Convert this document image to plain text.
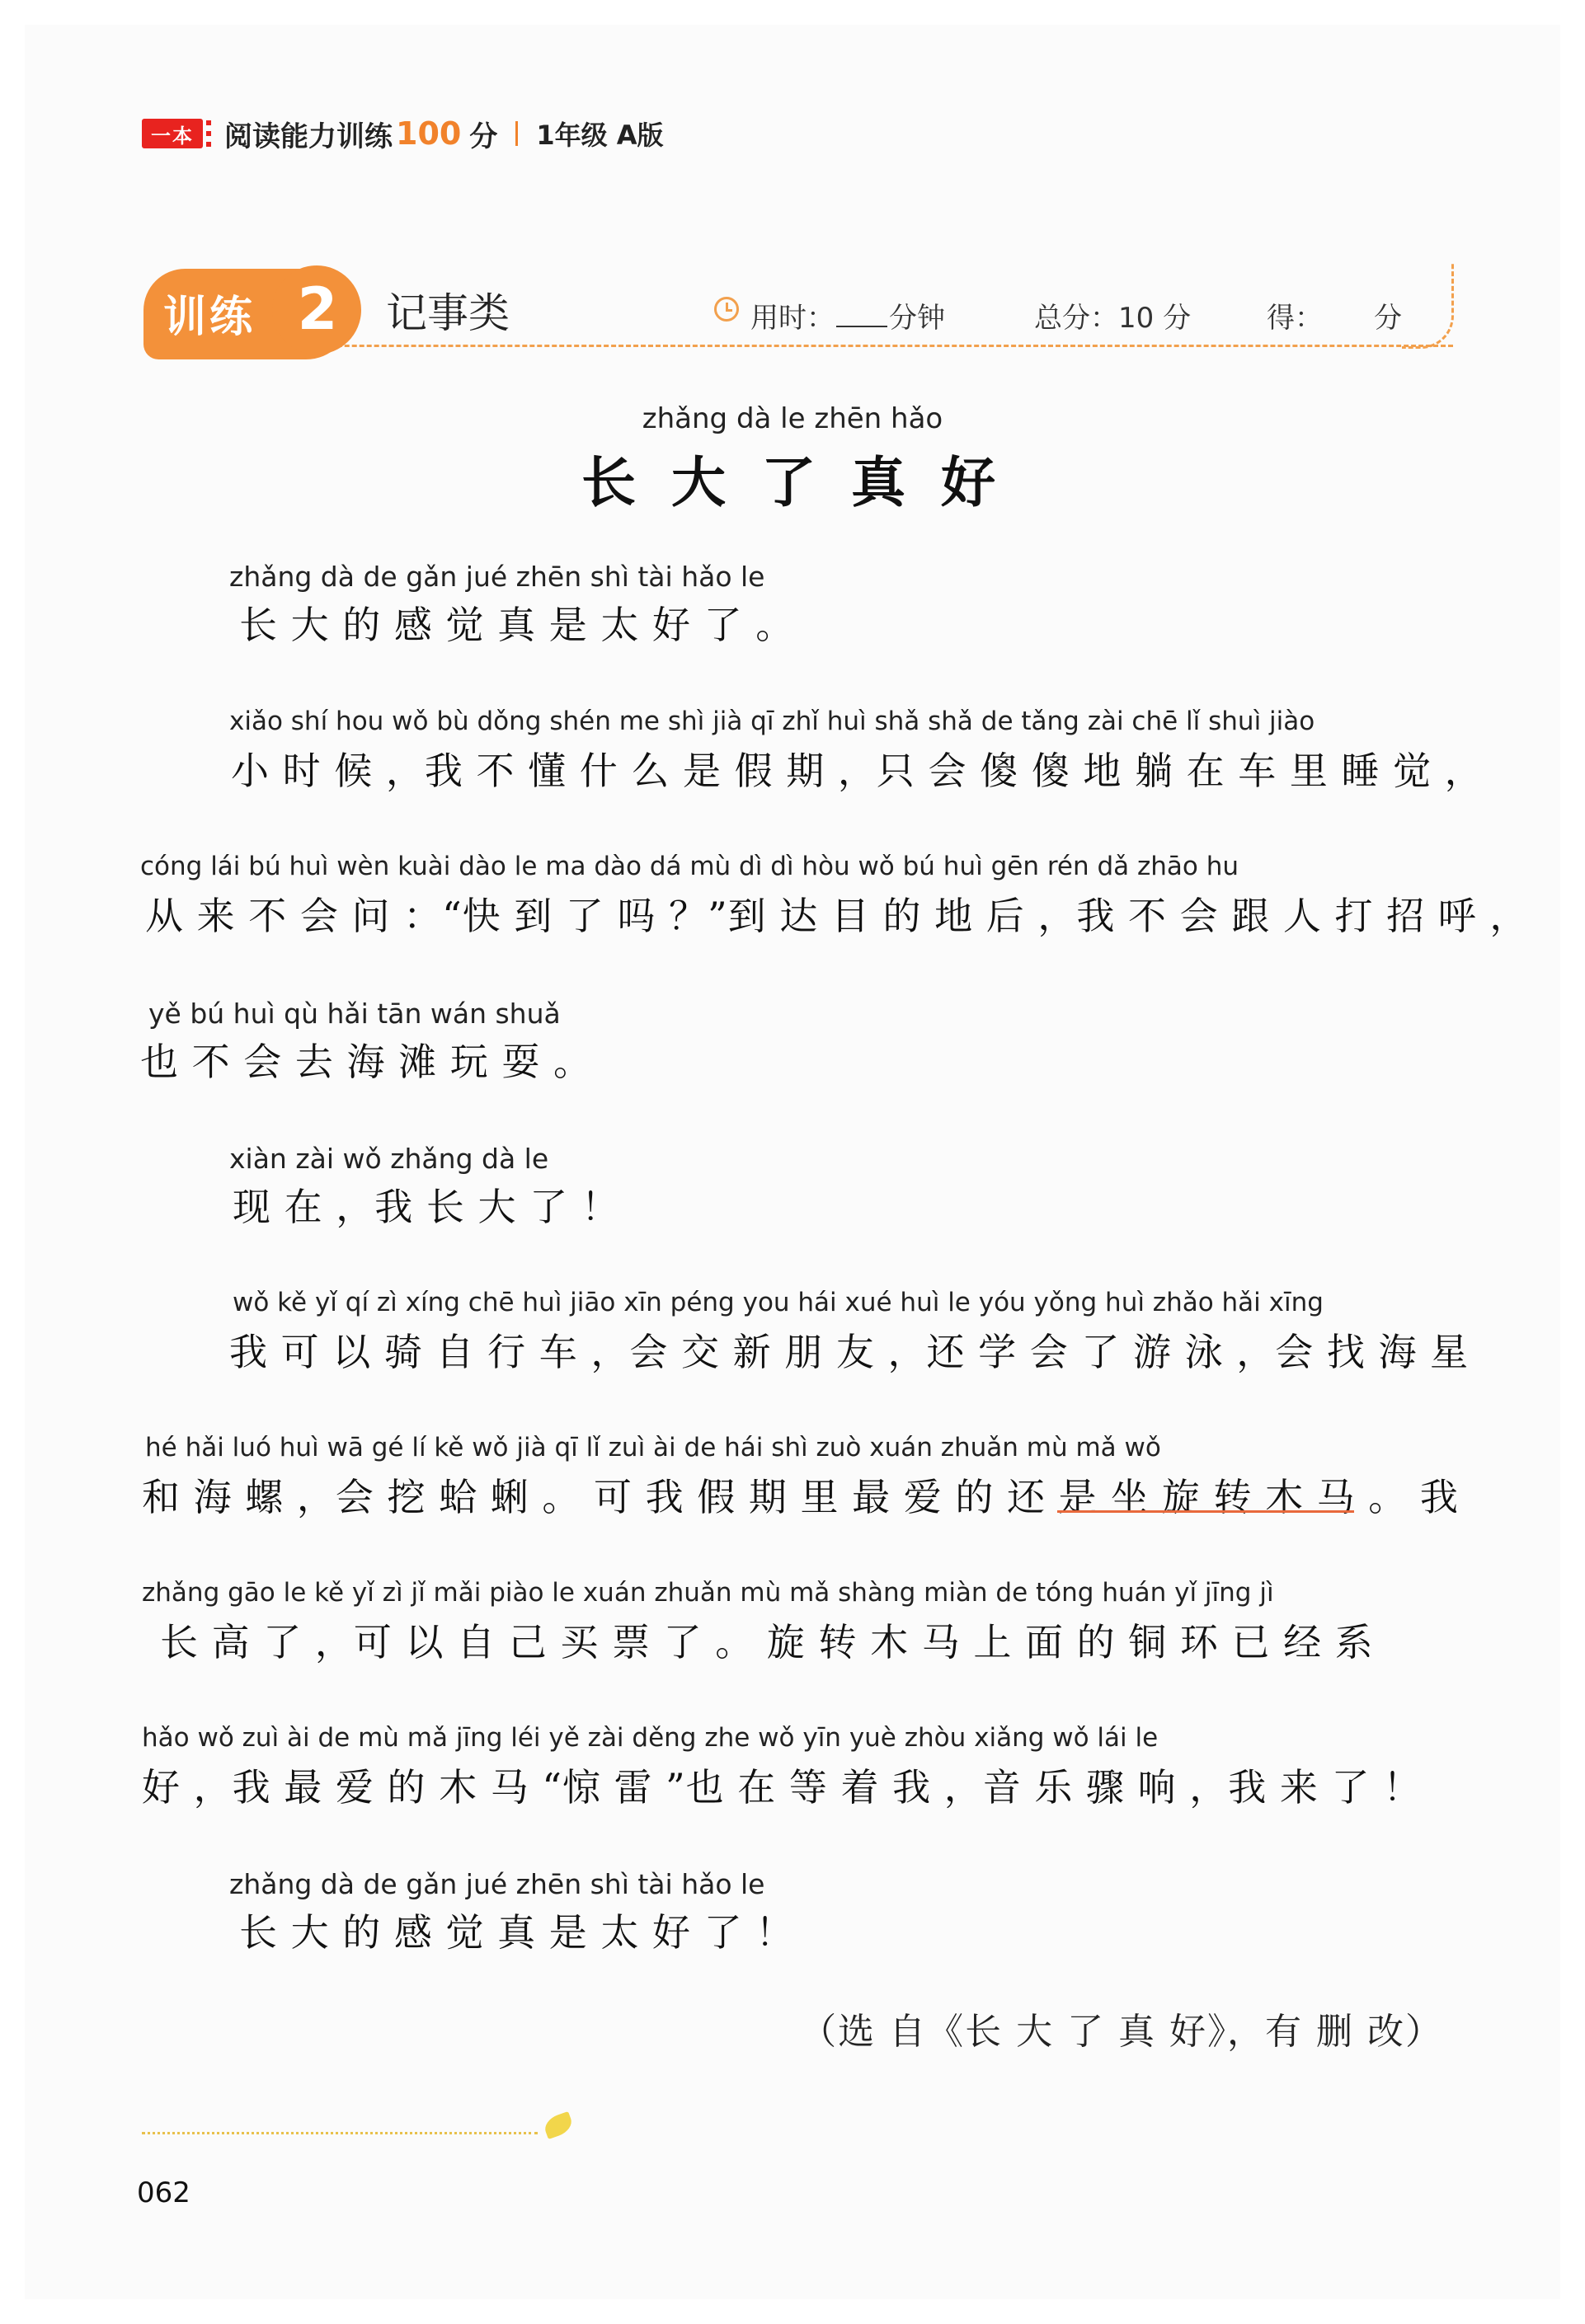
一本	阅读能力训练 100 分 1年级 A版
训练 2	记事类	用时： 分钟	总分：10 分	得： 分
zhǎng dà le zhēn hǎo
长 大 了 真 好
zhǎng dà de gǎn jué zhēn shì tài hǎo le
长 大 的 感 觉 真 是 太 好 了 。
xiǎo shí hou wǒ bù dǒng shén me shì jià qī zhǐ huì shǎ shǎ de tǎng zài chē lǐ shuì jiào
小 时 候 ，我 不 懂 什 么 是 假 期 ，只 会 傻 傻 地 躺 在 车 里 睡 觉 ，
cóng lái bú huì wèn kuài dào le ma dào dá mù dì dì hòu wǒ bú huì gēn rén dǎ zhāo hu
从 来 不 会 问 ：“快 到 了 吗 ？”到 达 目 的 地 后 ，我 不 会 跟 人 打 招 呼 ，
yě bú huì qù hǎi tān wán shuǎ
也 不 会 去 海 滩 玩 耍 。
xiàn zài wǒ zhǎng dà le
现 在 ，我 长 大 了 ！
wǒ kě yǐ qí zì xíng chē huì jiāo xīn péng you hái xué huì le yóu yǒng huì zhǎo hǎi xīng
我 可 以 骑 自 行 车 ，会 交 新 朋 友 ，还 学 会 了 游 泳 ，会 找 海 星
hé hǎi luó huì wā gé lí kě wǒ jià qī lǐ zuì ài de hái shì zuò xuán zhuǎn mù mǎ wǒ
和 海 螺 ，会 挖 蛤 蜊 。 可 我 假 期 里 最 爱 的 还 是 坐 旋 转 木 马 。 我
zhǎng gāo le kě yǐ zì jǐ mǎi piào le xuán zhuǎn mù mǎ shàng miàn de tóng huán yǐ jīng jì
长 高 了 ，可 以 自 己 买 票 了 。 旋 转 木 马 上 面 的 铜 环 已 经 系
hǎo wǒ zuì ài de mù mǎ jīng léi yě zài děng zhe wǒ yīn yuè zhòu xiǎng wǒ lái le
好 ，我 最 爱 的 木 马 “惊 雷 ”也 在 等 着 我 ，音 乐 骤 响 ，我 来 了 ！
zhǎng dà de gǎn jué zhēn shì tài hǎo le
长 大 的 感 觉 真 是 太 好 了 ！
（选 自《长 大 了 真 好》，有 删 改）
062
